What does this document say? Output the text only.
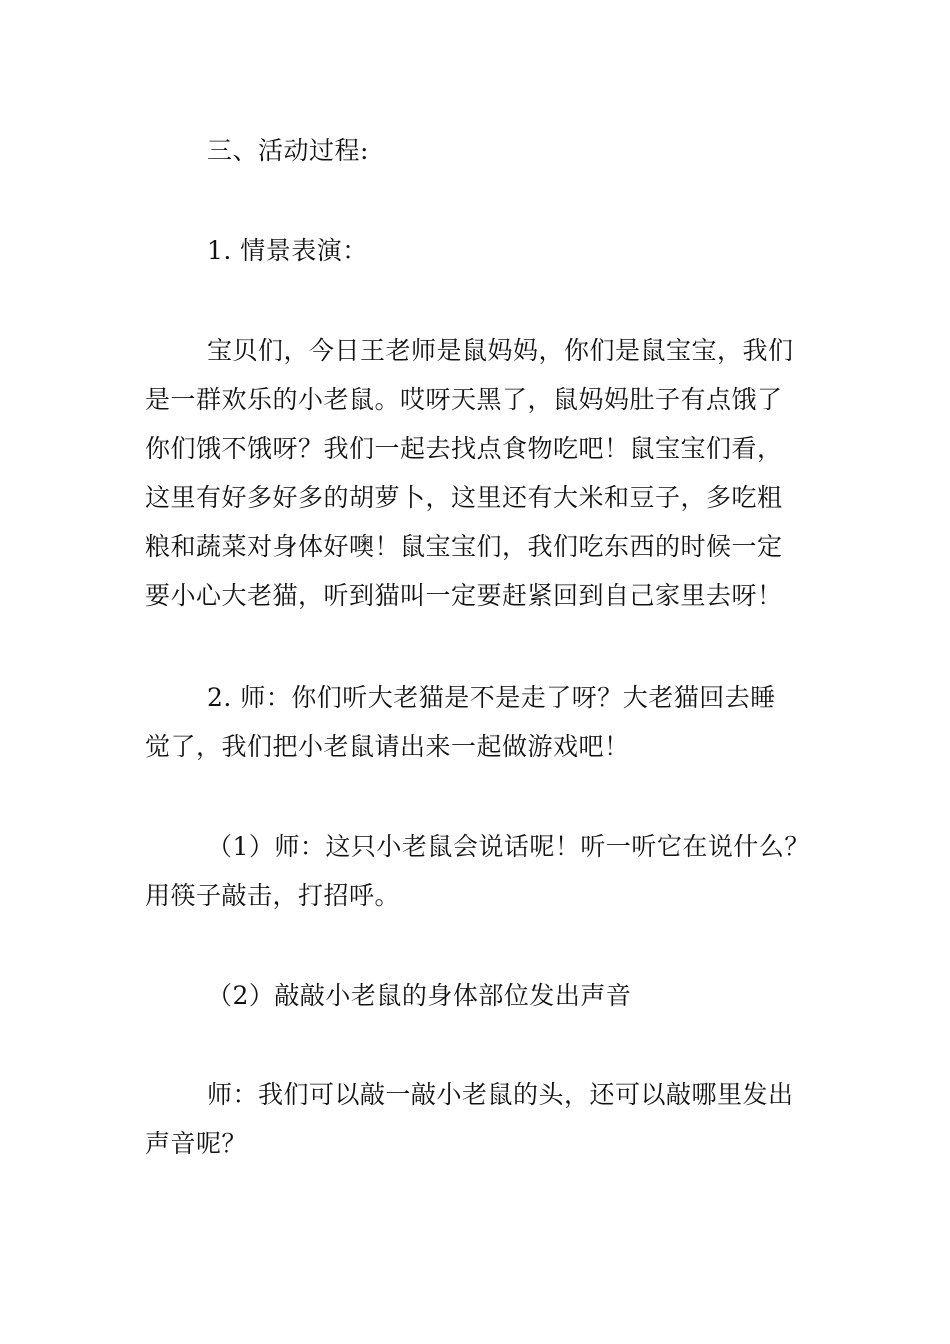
三、活动过程:

1. 情景表演：

宝贝们，今日王老师是鼠妈妈，你们是鼠宝宝，我们
是一群欢乐的小老鼠。哎呀天黑了，鼠妈妈肚子有点饿了
你们饿不饿呀？我们一起去找点食物吃吧！鼠宝宝们看，
这里有好多好多的胡萝卜，这里还有大米和豆子，多吃粗
粮和蔬菜对身体好噢！鼠宝宝们，我们吃东西的时候一定
要小心大老猫，听到猫叫一定要赶紧回到自己家里去呀！

2. 师：你们听大老猫是不是走了呀？大老猫回去睡
觉了，我们把小老鼠请出来一起做游戏吧！

（1）师：这只小老鼠会说话呢！听一听它在说什么？
用筷子敲击，打招呼。

（2）敲敲小老鼠的身体部位发出声音

师：我们可以敲一敲小老鼠的头，还可以敲哪里发出
声音呢？
